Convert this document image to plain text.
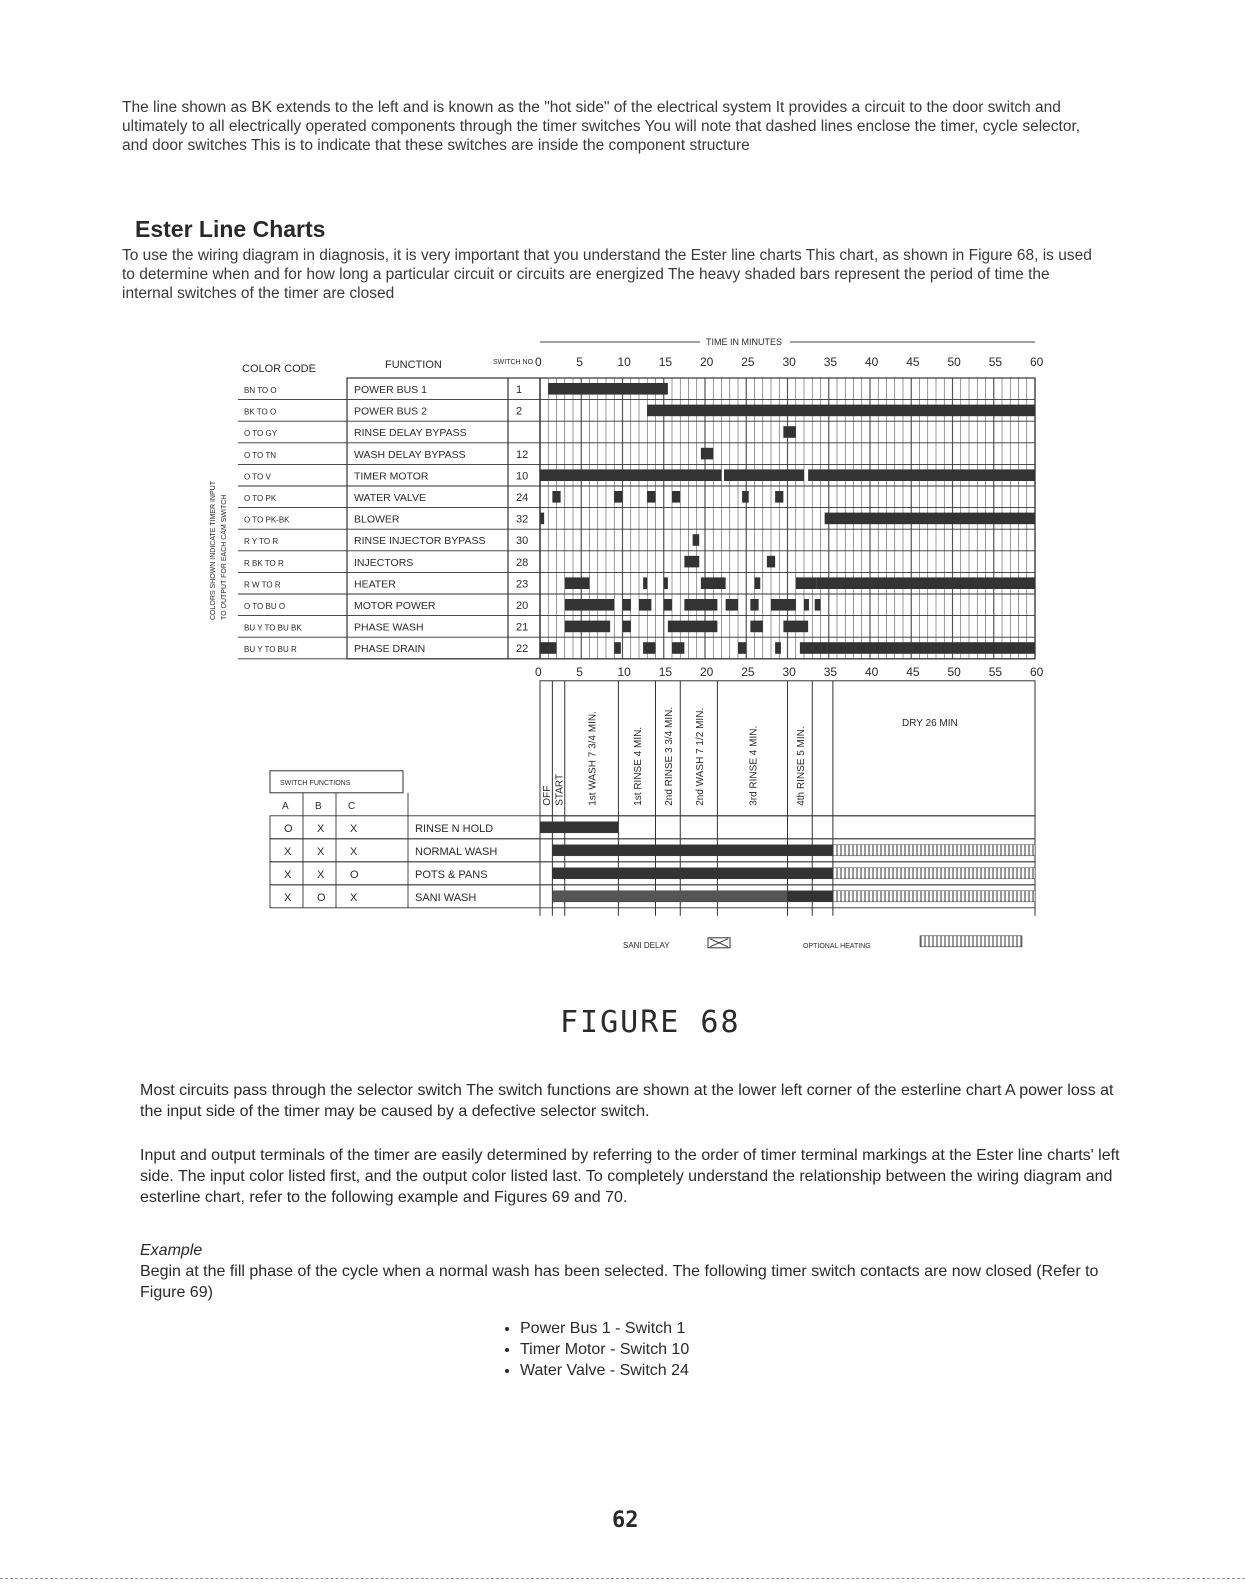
The line shown as BK extends to the left and is known as the "hot side" of the electrical system It provides a circuit to the door switch and ultimately to all electrically operated components through the timer switches You will note that dashed lines enclose the timer, cycle selector, and door switches This is to indicate that these switches are inside the component structure
Ester Line Charts
To use the wiring diagram in diagnosis, it is very important that you understand the Ester line charts This chart, as shown in Figure 68, is used to determine when and for how long a particular circuit or circuits are energized The heavy shaded bars represent the period of time the internal switches of the timer are closed
COLOR CODE	FUNCTION	SWITCH NO
TIME IN MINUTES
0
0
5
5
10
10
15
15
20
20
25
25
30
30
35
35
40
40
45
45
50
50
55
55
60
60
COLORS SHOWN INDICATE TIMER INPUT TO OUTPUT FOR EACH CAM SWITCH
BN TO O	POWER BUS 1	1
BK TO O	POWER BUS 2	2
O TO GY	RINSE DELAY BYPASS
O TO TN	WASH DELAY BYPASS	12
O TO V	TIMER MOTOR	10
O TO PK	WATER VALVE	24
O TO PK-BK	BLOWER	32
R Y TO R	RINSE INJECTOR BYPASS	30
R BK TO R	INJECTORS	28
R W TO R	HEATER	23
O TO BU O	MOTOR POWER	20
BU Y TO BU BK	PHASE WASH	21
BU Y TO BU R	PHASE DRAIN	22
OFF START 1st WASH 7 3/4 MIN.	1st RINSE 4 MIN. 2nd RINSE 3 3/4 MIN. 2nd WASH 7 1/2 MIN.	3rd RINSE 4 MIN.	4th RINSE 5 MIN.
DRY 26 MIN
SWITCH FUNCTIONS
A	B	C
O X X	RINSE N HOLD
X X X	NORMAL WASH
X X O	POTS & PANS
X O X	SANI WASH
SANI DELAY	OPTIONAL HEATING
FIGURE 68
Most circuits pass through the selector switch The switch functions are shown at the lower left corner of the esterline chart A power loss at the input side of the timer may be caused by a defective selector switch.
Input and output terminals of the timer are easily determined by referring to the order of timer terminal markings at the Ester line charts' left side. The input color listed first, and the output color listed last. To completely understand the relationship between the wiring diagram and esterline chart, refer to the following example and Figures 69 and 70.
Example
Begin at the fill phase of the cycle when a normal wash has been selected. The following timer switch contacts are now closed (Refer to Figure 69)
• Power Bus 1 - Switch 1
• Timer Motor - Switch 10
• Water Valve - Switch 24
62
